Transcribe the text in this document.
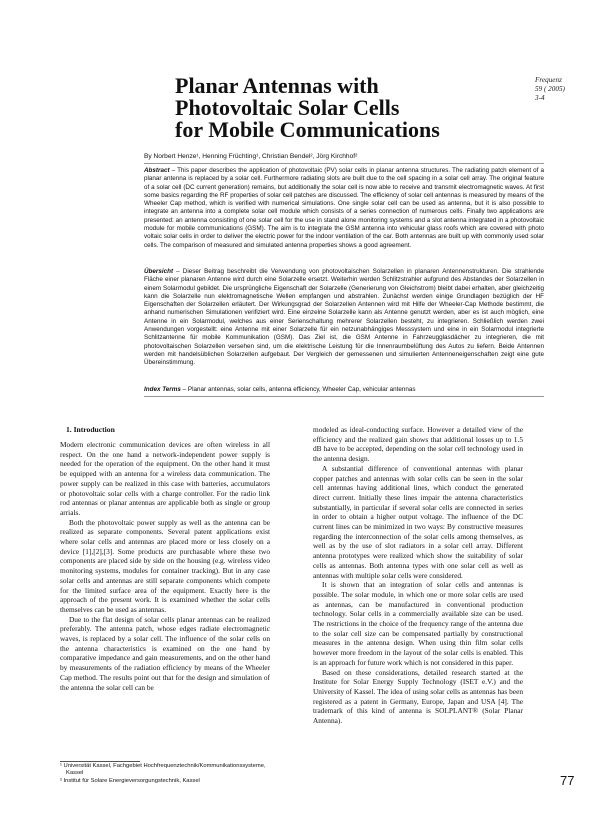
Planar Antennas with
Photovoltaic Solar Cells
for Mobile Communications
Frequenz
59 ( 2005)
3-4
By Norbert Henze¹, Henning Früchting¹, Christian Bendel², Jörg Kirchhof²
Abstract – This paper describes the application of photovoltaic (PV) solar cells in planar antenna structures. The radiating patch element of a planar antenna is replaced by a solar cell. Furthermore radiating slots are built due to the cell spacing in a solar cell array. The original feature of a solar cell (DC current generation) remains, but additionally the solar cell is now able to receive and transmit electromagnetic waves. At first some basics regarding the RF properties of solar cell patches are discussed. The efficiency of solar cell antennas is measured by means of the Wheeler Cap method, which is verified with numerical simulations. One single solar cell can be used as antenna, but it is also possible to integrate an antenna into a complete solar cell module which consists of a series connection of numerous cells. Finally two applications are presented: an antenna consisting of one solar cell for the use in stand alone monitoring systems and a slot antenna integrated in a photovoltaic module for mobile communications (GSM). The aim is to integrate the GSM antenna into vehicular glass roofs which are covered with photo voltaic solar cells in order to deliver the electric power for the indoor ventilation of the car. Both antennas are built up with commonly used solar cells. The comparison of measured and simulated antenna properties shows a good agreement.
Übersicht – Dieser Beitrag beschreibt die Verwendung von photovoltaischen Solarzellen in planaren Antennenstrukturen. Die strahlende Fläche einer planaren Antenne wird durch eine Solarzelle ersetzt. Weiterhin werden Schlitzstrahler aufgrund des Abstandes der Solarzellen in einem Solarmodul gebildet. Die ursprüngliche Eigenschaft der Solarzelle (Generierung von Gleichstrom) bleibt dabei erhalten, aber gleichzeitig kann die Solarzelle nun elektromagnetische Wellen empfangen und abstrahlen. Zunächst werden einige Grundlagen bezüglich der HF Eigenschaften der Solarzellen erläutert. Der Wirkungsgrad der Solarzellen Antennen wird mit Hilfe der Wheeler-Cap Methode bestimmt, die anhand numerischen Simulationen verifiziert wird. Eine einzelne Solarzelle kann als Antenne genutzt werden, aber es ist auch möglich, eine Antenne in ein Solarmodul, welches aus einer Serienschaltung mehrerer Solarzellen besteht, zu integrieren. Schließlich werden zwei Anwendungen vorgestellt: eine Antenne mit einer Solarzelle für ein netzunabhängiges Messsystem und eine in ein Solarmodul integrierte Schlitzantenne für mobile Kommunikation (GSM). Das Ziel ist, die GSM Antenne in Fahrzeugglasdächer zu integrieren, die mit photovoltaischen Solarzellen versehen sind, um die elektrische Leistung für die Innenraumbelüftung des Autos zu liefern. Beide Antennen werden mit handelsüblichen Solarzellen aufgebaut. Der Vergleich der gemessenen und simulierten Antenneneigenschaften zeigt eine gute Übereinstimmung.
Index Terms – Planar antennas, solar cells, antenna efficiency, Wheeler Cap, vehicular antennas
1. Introduction

Modern electronic communication devices are often wireless in all respect. On the one hand a network-independent power supply is needed for the operation of the equipment. On the other hand it must be equipped with an antenna for a wireless data communication. The power supply can be realized in this case with batteries, accumulators or photovoltaic solar cells with a charge controller. For the radio link rod antennas or planar antennas are applicable both as single or group arrials.

Both the photovoltaic power supply as well as the antenna can be realized as separate components. Several patent applications exist where solar cells and antennas are placed more or less closely on a device [1],[2],[3]. Some products are purchasable where these two components are placed side by side on the housing (e.g. wireless video monitoring systems, modules for container tracking). But in any case solar cells and antennas are still separate components which compete for the limited surface area of the equipment. Exactly here is the approach of the present work. It is examined whether the solar cells themselves can be used as antennas.

Due to the flat design of solar cells planar antennas can be realized preferably. The antenna patch, whose edges radiate electromagnetic waves, is replaced by a solar cell. The influence of the solar cells on the antenna characteristics is examined on the one hand by comparative impedance and gain measurements, and on the other hand by measurements of the radiation efficiency by means of the Wheeler Cap method. The results point out that for the design and simulation of the antenna the solar cell can be

modeled as ideal-conducting surface. However a detailed view of the efficiency and the realized gain shows that additional losses up to 1.5 dB have to be accepted, depending on the solar cell technology used in the antenna design.

A substantial difference of conventional antennas with planar copper patches and antennas with solar cells can be seen in the solar cell antennas having additional lines, which conduct the generated direct current. Initially these lines impair the antenna characteristics substantially, in particular if several solar cells are connected in series in order to obtain a higher output voltage. The influence of the DC current lines can be minimized in two ways: By constructive measures regarding the interconnection of the solar cells among themselves, as well as by the use of slot radiators in a solar cell array. Different antenna prototypes were realized which show the suitability of solar cells as antennas. Both antenna types with one solar cell as well as antennas with multiple solar cells were considered.

It is shown that an integration of solar cells and antennas is possible. The solar module, in which one or more solar cells are used as antennas, can be manufactured in conventional production technology. Solar cells in a commercially available size can be used. The restrictions in the choice of the frequency range of the antenna due to the solar cell size can be compensated partially by constructional measures in the antenna design. When using thin film solar cells however more freedom in the layout of the solar cells is enabled. This is an approach for future work which is not considered in this paper.

Based on these considerations, detailed research started at the Institute for Solar Energy Supply Technology (ISET e.V.) and the University of Kassel. The idea of using solar cells as antennas has been registered as a patent in Germany, Europe, Japan and USA [4]. The trademark of this kind of antenna is SOLPLANT® (Solar Planar Antenna).

¹ Universität Kassel, Fachgebiet Hochfrequenztechnik/Kommunikationssysteme, Kassel
² Institut für Solare Energieversorgungstechnik, Kassel	77
